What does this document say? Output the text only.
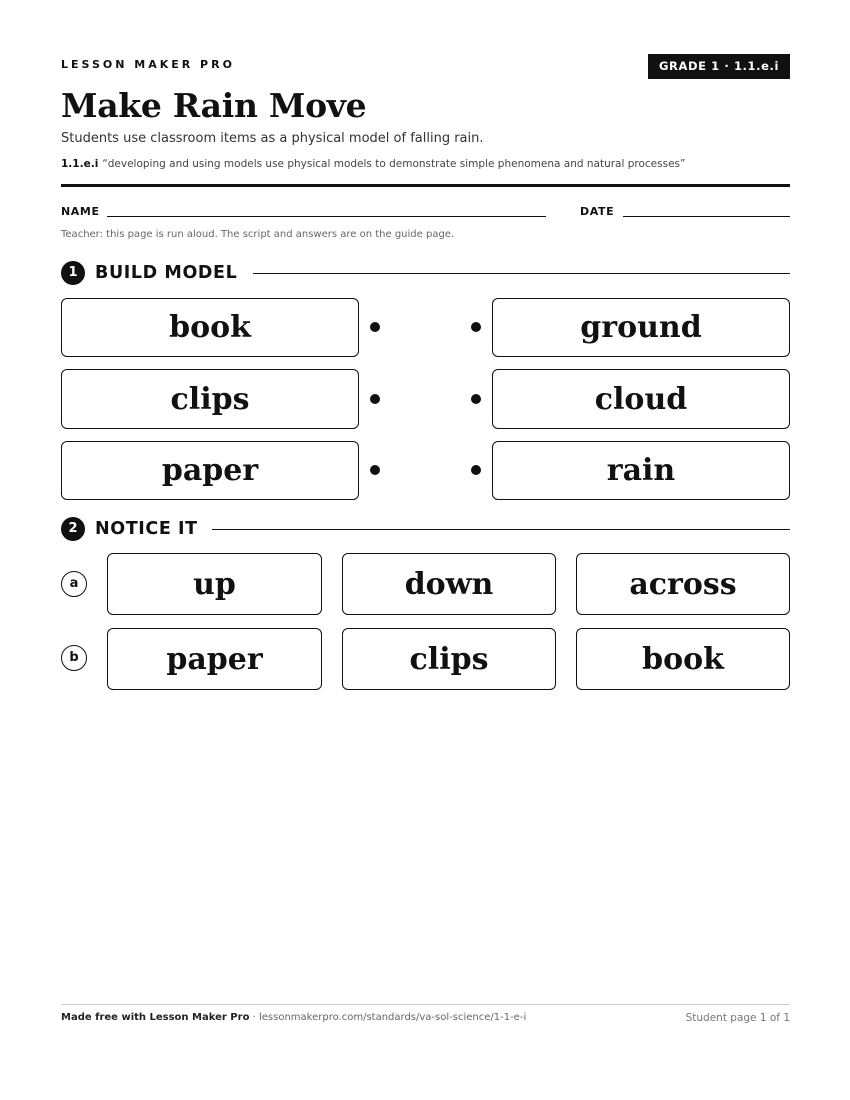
LESSON MAKER PRO	GRADE 1 · 1.1.e.i
Make Rain Move
Students use classroom items as a physical model of falling rain.
1.1.e.i “developing and using models use physical models to demonstrate simple phenomena and natural processes”
NAME	DATE
Teacher: this page is run aloud. The script and answers are on the guide page.
1 BUILD MODEL
book
clips
paper
ground
cloud
rain
2 NOTICE IT
a	up	down	across
b	paper	clips	book
Made free with Lesson Maker Pro · lessonmakerpro.com/standards/va-sol-science/1-1-e-i	Student page 1 of 1
